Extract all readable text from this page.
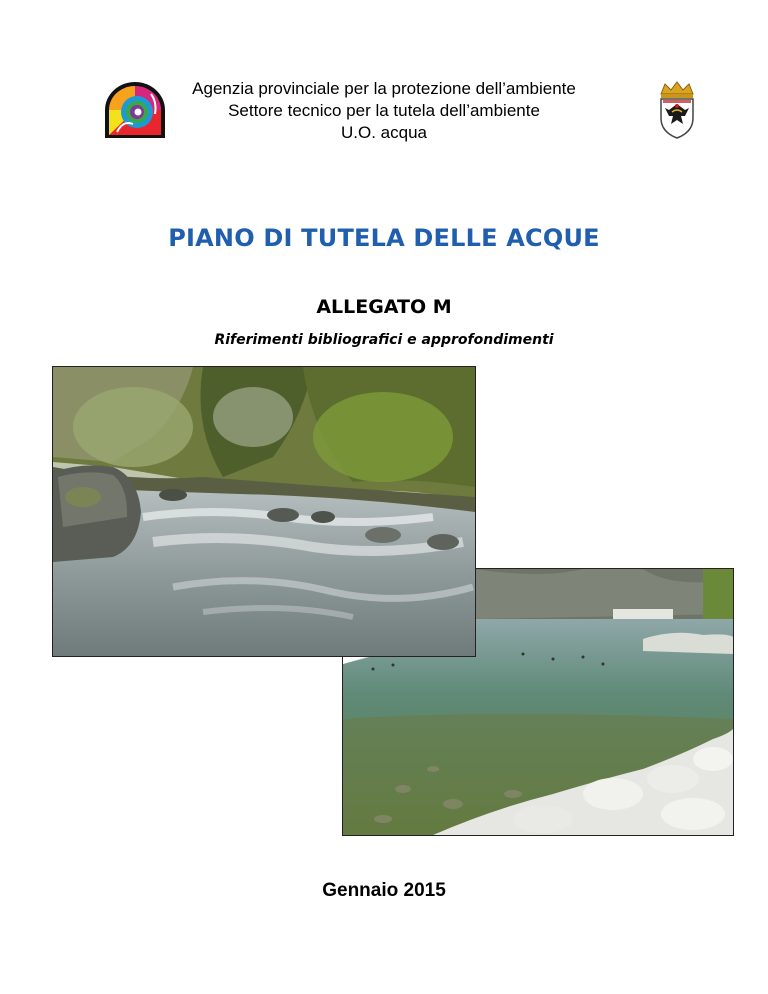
Agenzia provinciale per la protezione dell’ambiente
Settore tecnico per la tutela dell’ambiente
U.O. acqua
PIANO DI TUTELA DELLE ACQUE
ALLEGATO M
Riferimenti bibliografici e approfondimenti
Gennaio 2015
